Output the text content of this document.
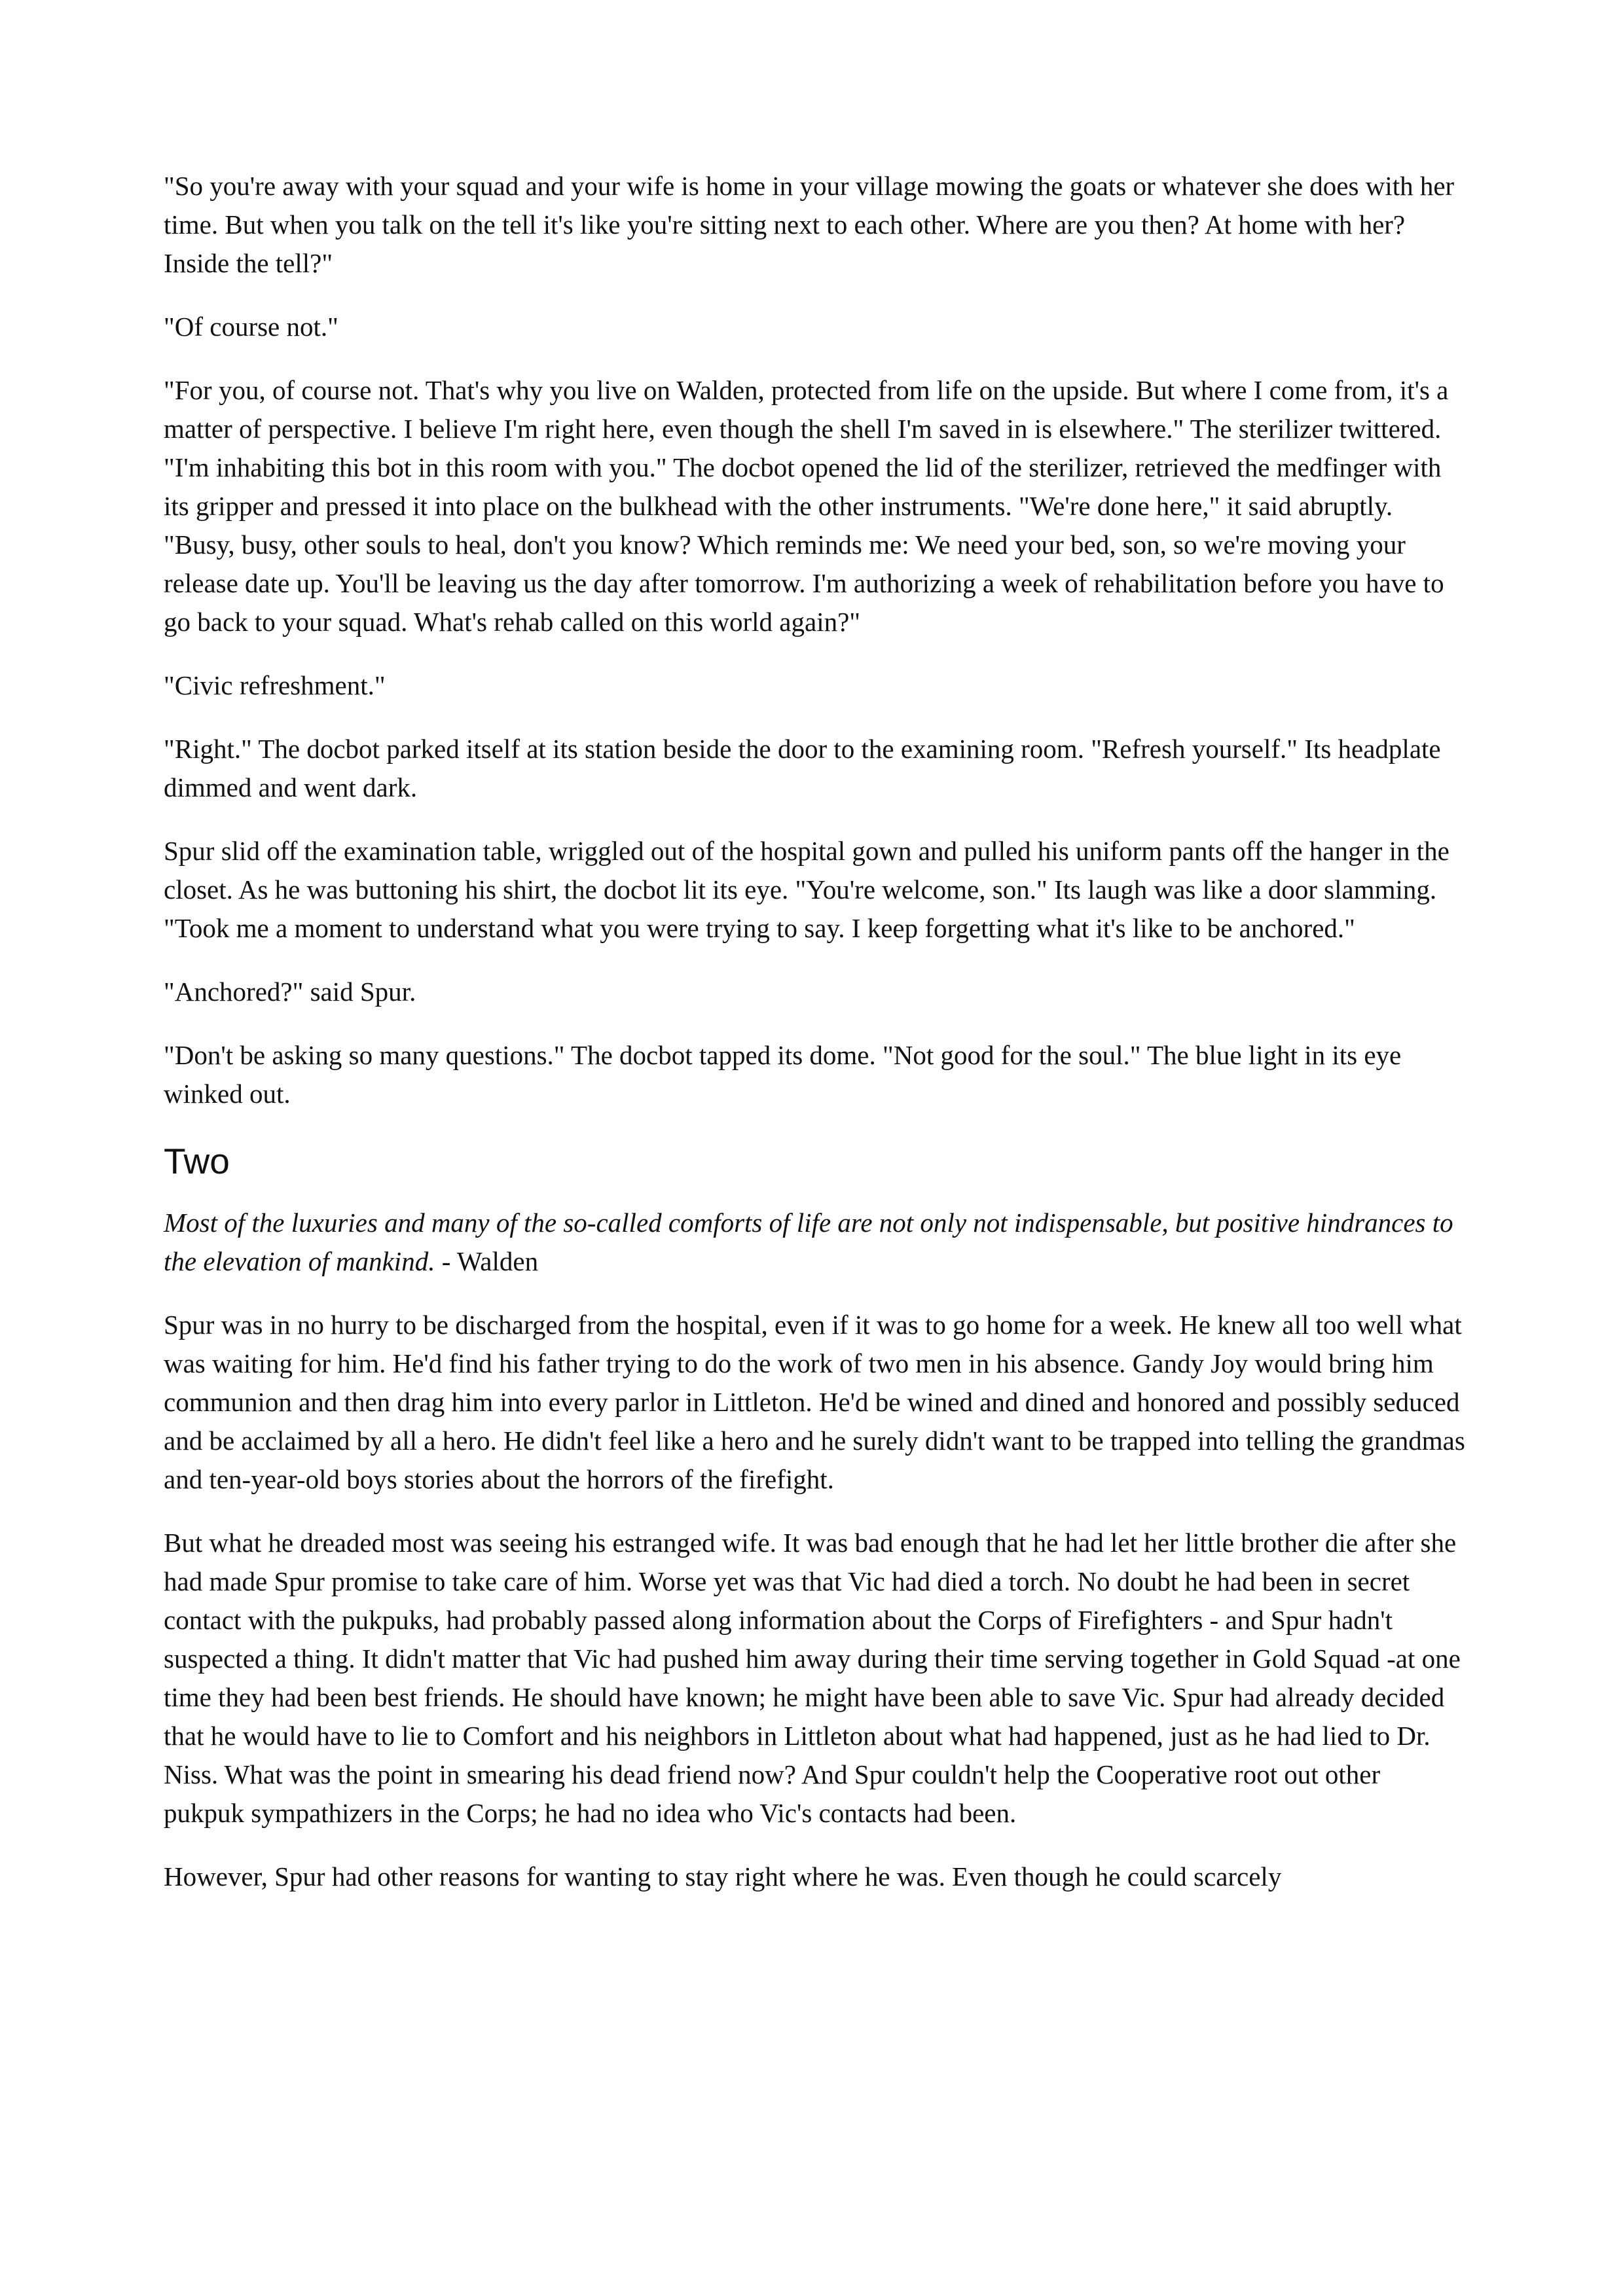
"So you're away with your squad and your wife is home in your village mowing the goats or whatever she does with her time. But when you talk on the tell it's like you're sitting next to each other. Where are you then? At home with her? Inside the tell?"

"Of course not."

"For you, of course not. That's why you live on Walden, protected from life on the upside. But where I come from, it's a matter of perspective. I believe I'm right here, even though the shell I'm saved in is elsewhere." The sterilizer twittered. "I'm inhabiting this bot in this room with you." The docbot opened the lid of the sterilizer, retrieved the medfinger with its gripper and pressed it into place on the bulkhead with the other instruments. "We're done here," it said abruptly. "Busy, busy, other souls to heal, don't you know? Which reminds me: We need your bed, son, so we're moving your release date up. You'll be leaving us the day after tomorrow. I'm authorizing a week of rehabilitation before you have to go back to your squad. What's rehab called on this world again?"

"Civic refreshment."

"Right." The docbot parked itself at its station beside the door to the examining room. "Refresh yourself." Its headplate dimmed and went dark.

Spur slid off the examination table, wriggled out of the hospital gown and pulled his uniform pants off the hanger in the closet. As he was buttoning his shirt, the docbot lit its eye. "You're welcome, son." Its laugh was like a door slamming. "Took me a moment to understand what you were trying to say. I keep forgetting what it's like to be anchored."

"Anchored?" said Spur.

"Don't be asking so many questions." The docbot tapped its dome. "Not good for the soul." The blue light in its eye winked out.

Two

Most of the luxuries and many of the so-called comforts of life are not only not indispensable, but positive hindrances to the elevation of mankind. - Walden

Spur was in no hurry to be discharged from the hospital, even if it was to go home for a week. He knew all too well what was waiting for him. He'd find his father trying to do the work of two men in his absence. Gandy Joy would bring him communion and then drag him into every parlor in Littleton. He'd be wined and dined and honored and possibly seduced and be acclaimed by all a hero. He didn't feel like a hero and he surely didn't want to be trapped into telling the grandmas and ten-year-old boys stories about the horrors of the firefight.

But what he dreaded most was seeing his estranged wife. It was bad enough that he had let her little brother die after she had made Spur promise to take care of him. Worse yet was that Vic had died a torch. No doubt he had been in secret contact with the pukpuks, had probably passed along information about the Corps of Firefighters - and Spur hadn't suspected a thing. It didn't matter that Vic had pushed him away during their time serving together in Gold Squad -at one time they had been best friends. He should have known; he might have been able to save Vic. Spur had already decided that he would have to lie to Comfort and his neighbors in Littleton about what had happened, just as he had lied to Dr. Niss. What was the point in smearing his dead friend now? And Spur couldn't help the Cooperative root out other pukpuk sympathizers in the Corps; he had no idea who Vic's contacts had been.

However, Spur had other reasons for wanting to stay right where he was. Even though he could scarcely
